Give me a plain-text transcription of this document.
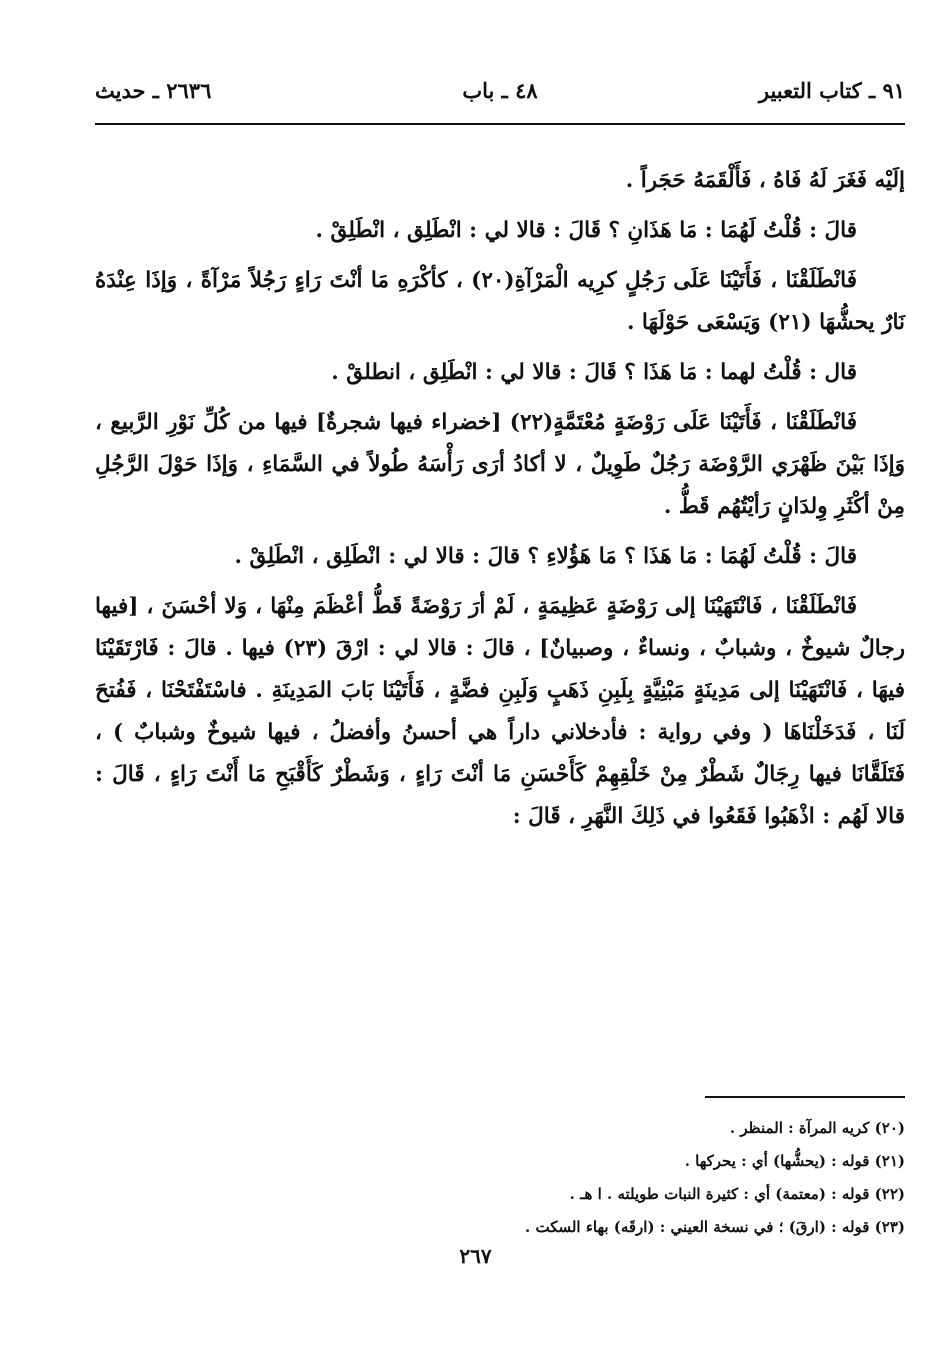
٩١ ـ كتاب التعبير
٤٨ ـ باب
٢٦٣٦ ـ حديث

إلَيْه فَغَرَ لَهُ فَاهُ ، فَأَلْقَمَهُ حَجَراً .

قالَ : قُلْتُ لَهُمَا : مَا هَذَانِ ؟ قَالَ : قالا لي : انْطَلِق ، انْطَلِقْ .

فَانْطَلَقْنَا ، فَأَتَيْنَا عَلَى رَجُلٍ كرِيه الْمَرْآةِ(٢٠) ، كأكْرَهِ مَا أنْتَ رَاءٍ رَجُلاً مَرْآةً ، وَإذَا عِنْدَهُ نَارٌ يحشُّهَا (٢١) وَيَسْعَى حَوْلَهَا .

قال : قُلْتُ لهما : مَا هَذَا ؟ قَالَ : قالا لي : انْطَلِق ، انطلقْ .

فَانْطَلَقْنَا ، فَأَتَيْنَا عَلَى رَوْضَةٍ مُعْتَمَّةٍ(٢٢) [خضراء فيها شجرةٌ] فيها من كُلِّ نَوْرِ الرَّبيع ، وَإذَا بَيْنَ ظَهْرَي الرَّوْضَة رَجُلٌ طَوِيلٌ ، لا أكادُ أرَى رَأْسَهُ طُولاً في السَّمَاءِ ، وَإذَا حَوْلَ الرَّجُلِ مِنْ أكْثَرِ وِلدَانٍ رَأيْتُهُم قَطُّ .

قالَ : قُلْتُ لَهُمَا : مَا هَذَا ؟ مَا هَؤُلاءِ ؟ قالَ : قالا لي : انْطَلِق ، انْطَلِقْ .

فَانْطَلَقْنَا ، فَانْتَهَيْنَا إلى رَوْضَةٍ عَظِيمَةٍ ، لَمْ أرَ رَوْضَةً قَطُّ أعْظَمَ مِنْهَا ، وَلا أحْسَنَ ، [فيها رجالٌ شيوخٌ ، وشبابٌ ، ونساءٌ ، وصبيانٌ] ، قالَ : قالا لي : ارْقَ (٢٣) فيها . قالَ : فَارْتَقَيْنَا فيهَا ، فَانْتَهَيْنَا إلى مَدِينَةٍ مَبْنِيَّةٍ بِلَبِنِ ذَهَبٍ وَلَبِنِ فضَّةٍ ، فَأَتَيْنَا بَابَ المَدِينَةِ . فاسْتَفْتَحْنَا ، فَفُتحَ لَنَا ، فَدَخَلْنَاهَا ( وفي رواية : فأدخلاني داراً هي أحسنُ وأفضلُ ، فيها شيوخٌ وشبابٌ ) ، فَتَلَقَّانَا فيها رِجَالٌ شَطْرٌ مِنْ خَلْقِهِمْ كَأَحْسَنِ مَا أنْتَ رَاءٍ ، وَشَطْرٌ كَأَقْبَحِ مَا أَنْتَ رَاءٍ ، قَالَ : قالا لَهُم : اذْهَبُوا فَقَعُوا في ذَلِكَ النَّهَرِ ، قَالَ :

(٢٠) كريه المرآة : المنظر .
(٢١) قوله : (يحشُّها) أي : يحركها .
(٢٢) قوله : (معتمة) أي : كثيرة النبات طويلته . ا هـ .
(٢٣) قوله : (ارقَ) ؛ في نسخة العيني : (ارقَه) بهاء السكت .
٢٦٧
